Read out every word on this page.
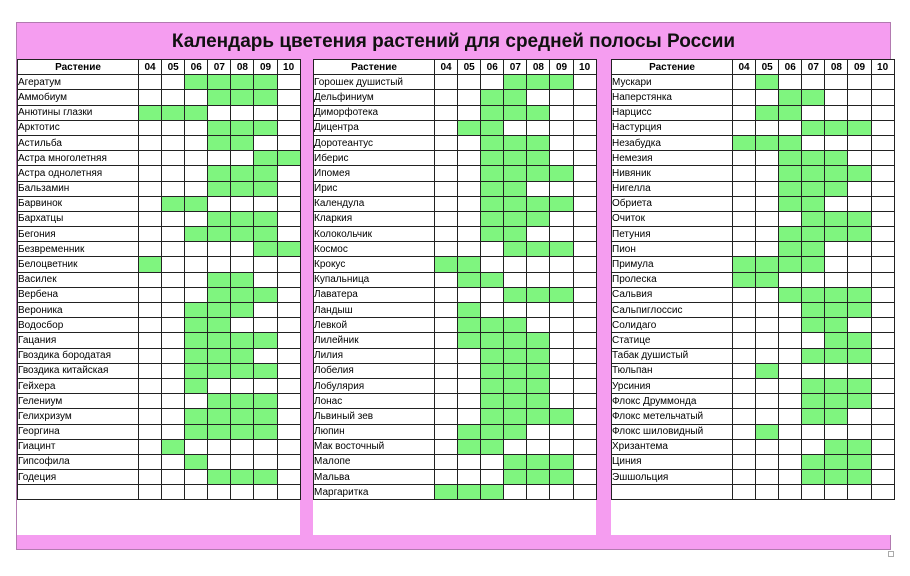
Календарь цветения растений для средней полосы России
Растение	04	05	06	07	08	09	10
Агератум							
Аммобиум							
Анютины глазки							
Арктотис							
Астильба							
Астра многолетняя							
Астра однолетняя							
Бальзамин							
Барвинок							
Бархатцы							
Бегония							
Безвременник							
Белоцветник							
Василек							
Вербена							
Вероника							
Водосбор							
Гацания							
Гвоздика бородатая							
Гвоздика китайская							
Гейхера							
Гелениум							
Гелихризум							
Георгина							
Гиацинт							
Гипсофила							
Годеция							

Растение	04	05	06	07	08	09	10
Горошек душистый							
Дельфиниум							
Диморфотека							
Дицентра							
Доротеантус							
Иберис							
Ипомея							
Ирис							
Календула							
Кларкия							
Колокольчик							
Космос							
Крокус							
Купальница							
Лаватера							
Ландыш							
Левкой							
Лилейник							
Лилия							
Лобелия							
Лобулярия							
Лонас							
Львиный зев							
Люпин							
Мак восточный							
Малопе							
Мальва							
Маргаритка							
Растение	04	05	06	07	08	09	10
Мускари							
Наперстянка							
Нарцисс							
Настурция							
Незабудка							
Немезия							
Нивяник							
Нигелла							
Обриета							
Очиток							
Петуния							
Пион							
Примула							
Пролеска							
Сальвия							
Сальпиглоссис							
Солидаго							
Статице							
Табак душистый							
Тюльпан							
Урсиния							
Флокс Друммонда							
Флокс метельчатый							
Флокс шиловидный							
Хризантема							
Циния							
Эшшольция							
